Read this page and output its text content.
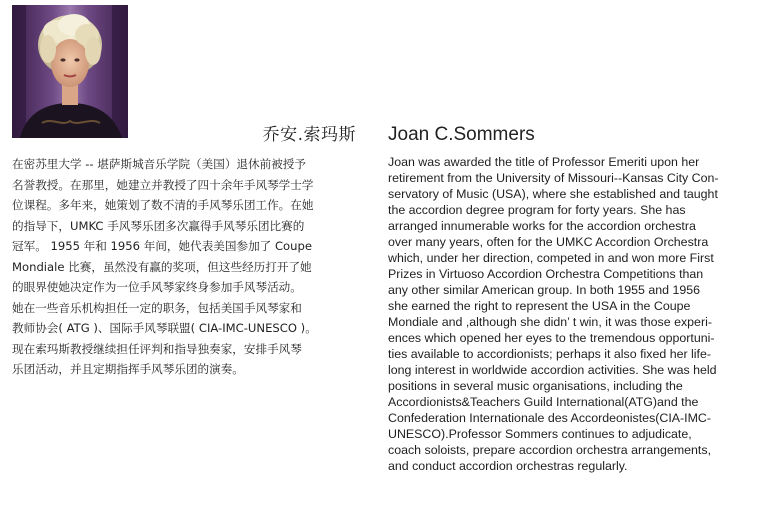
乔安.索玛斯 Joan C.Sommers
在密苏里大学 -- 堪萨斯城音乐学院（美国）退休前被授予
名誉教授。在那里，她建立并教授了四十余年手风琴学士学
位课程。多年来，她策划了数不清的手风琴乐团工作。在她
的指导下，UMKC 手风琴乐团多次赢得手风琴乐团比赛的
冠军。 1955 年和 1956 年间，她代表美国参加了 Coupe
Mondiale 比赛，虽然没有赢的奖项，但这些经历打开了她
的眼界使她决定作为一位手风琴家终身参加手风琴活动。
她在一些音乐机构担任一定的职务，包括美国手风琴家和
教师协会( ATG )、国际手风琴联盟( CIA-IMC-UNESCO )。
现在索玛斯教授继续担任评判和指导独奏家，安排手风琴
乐团活动，并且定期指挥手风琴乐团的演奏。
Joan was awarded the title of Professor Emeriti upon her
retirement from the University of Missouri--Kansas City Con-
servatory of Music (USA), where she established and taught
the accordion degree program for forty years. She has
arranged innumerable works for the accordion orchestra
over many years, often for the UMKC Accordion Orchestra
which, under her direction, competed in and won more First
Prizes in Virtuoso Accordion Orchestra Competitions than
any other similar American group. In both 1955 and 1956
she earned the right to represent the USA in the Coupe
Mondiale and ,although she didn’ t win, it was those experi-
ences which opened her eyes to the tremendous opportuni-
ties available to accordionists; perhaps it also fixed her life-
long interest in worldwide accordion activities. She was held
positions in several music organisations, including the
Accordionists&Teachers Guild International(ATG)and the
Confederation Internationale des Accordeonistes(CIA-IMC-
UNESCO).Professor Sommers continues to adjudicate,
coach soloists, prepare accordion orchestra arrangements,
and conduct accordion orchestras regularly.
